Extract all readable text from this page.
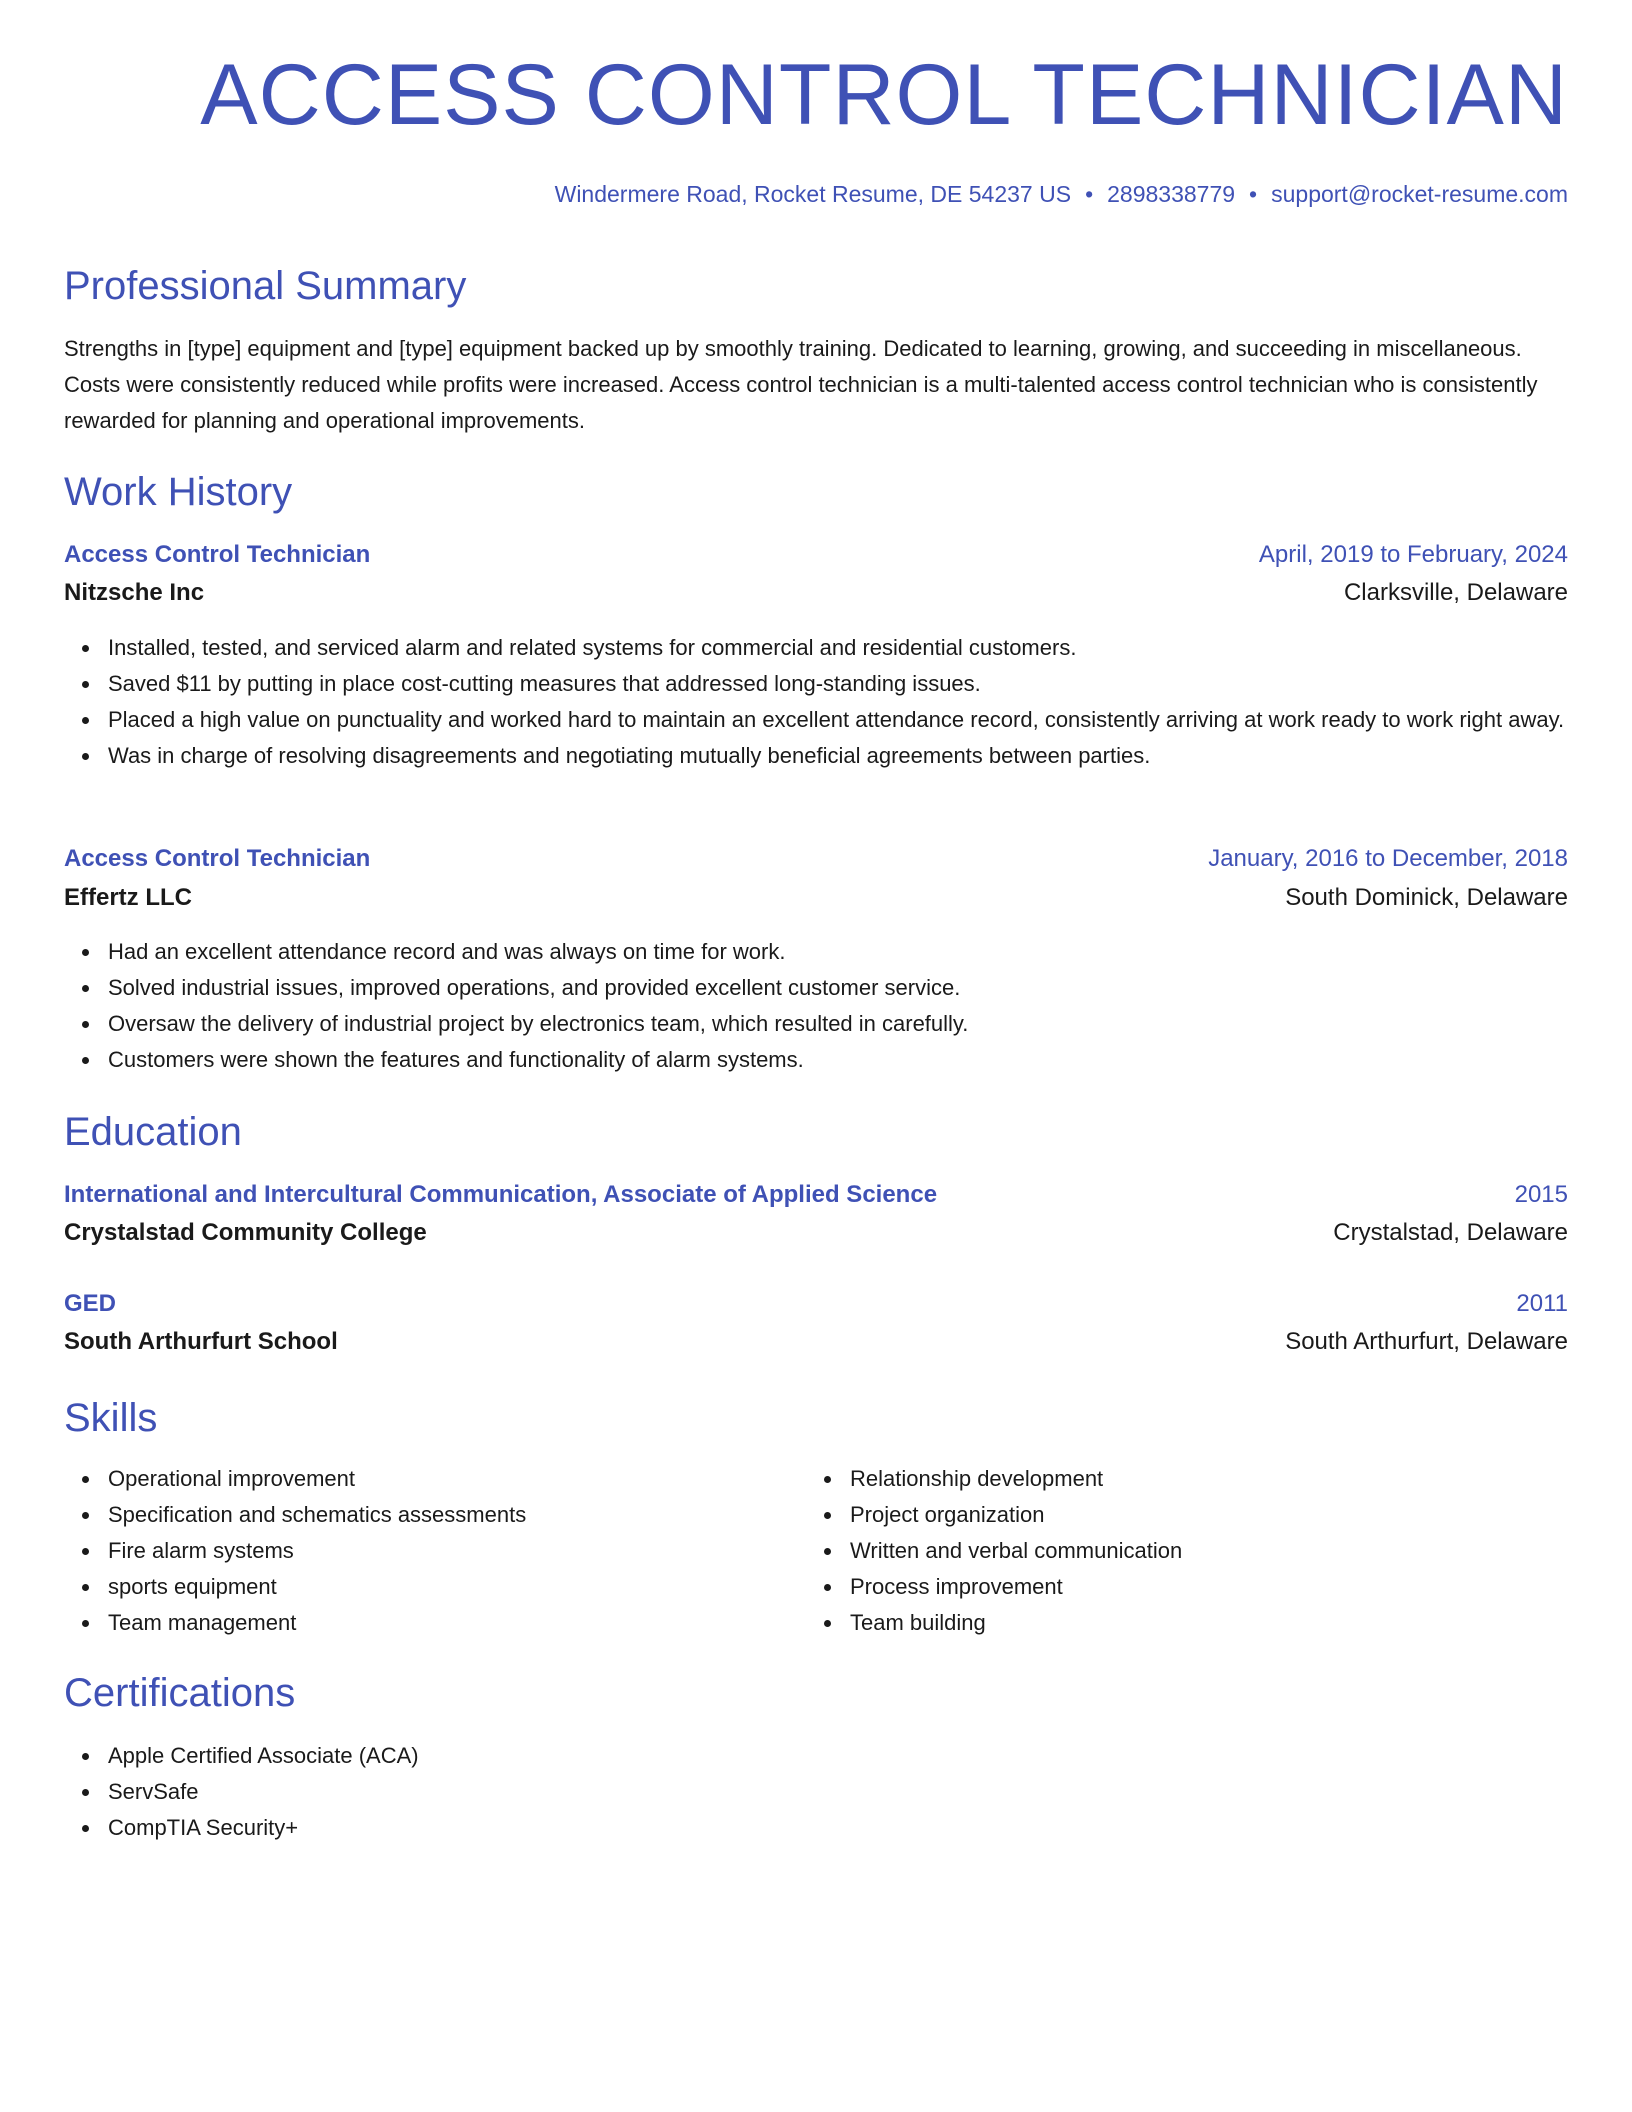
ACCESS CONTROL TECHNICIAN
Windermere Road, Rocket Resume, DE 54237 US • 2898338779 • support@rocket-resume.com
Professional Summary
Strengths in [type] equipment and [type] equipment backed up by smoothly training. Dedicated to learning, growing, and succeeding in miscellaneous. Costs were consistently reduced while profits were increased. Access control technician is a multi-talented access control technician who is consistently rewarded for planning and operational improvements.
Work History
Access Control Technician	April, 2019 to February, 2024
Nitzsche Inc	Clarksville, Delaware
Installed, tested, and serviced alarm and related systems for commercial and residential customers.
Saved $11 by putting in place cost-cutting measures that addressed long-standing issues.
Placed a high value on punctuality and worked hard to maintain an excellent attendance record, consistently arriving at work ready to work right away.
Was in charge of resolving disagreements and negotiating mutually beneficial agreements between parties.
Access Control Technician	January, 2016 to December, 2018
Effertz LLC	South Dominick, Delaware
Had an excellent attendance record and was always on time for work.
Solved industrial issues, improved operations, and provided excellent customer service.
Oversaw the delivery of industrial project by electronics team, which resulted in carefully.
Customers were shown the features and functionality of alarm systems.
Education
International and Intercultural Communication, Associate of Applied Science	2015
Crystalstad Community College	Crystalstad, Delaware
GED	2011
South Arthurfurt School	South Arthurfurt, Delaware
Skills
Operational improvement
Specification and schematics assessments
Fire alarm systems
sports equipment
Team management
Relationship development
Project organization
Written and verbal communication
Process improvement
Team building
Certifications
Apple Certified Associate (ACA)
ServSafe
CompTIA Security+
